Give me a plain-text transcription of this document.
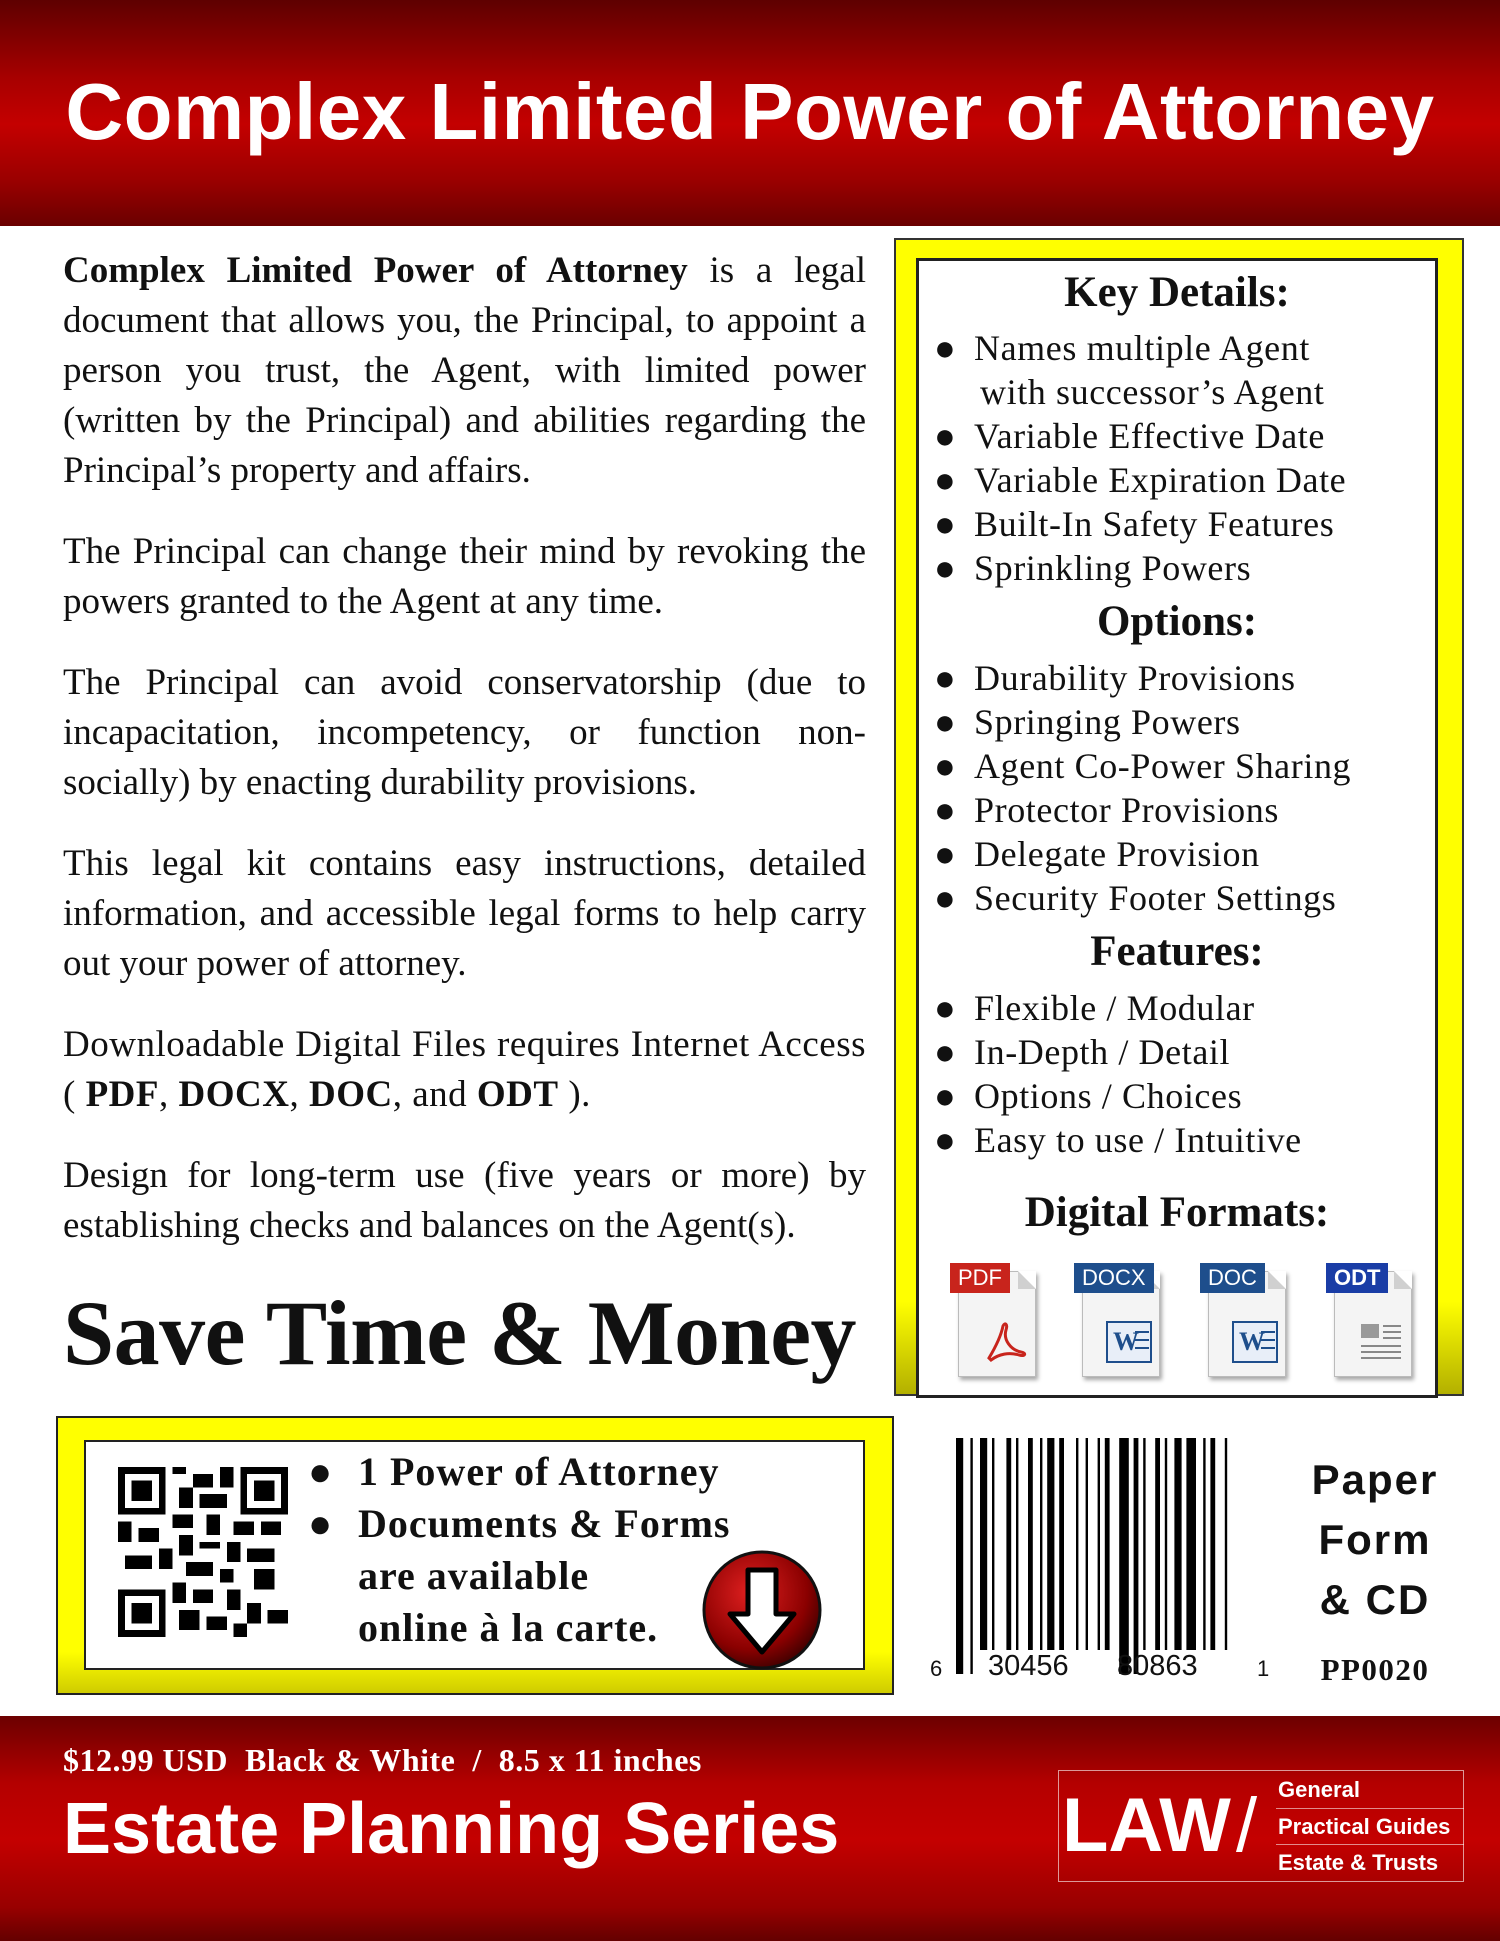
Complex Limited Power of Attorney

Complex Limited Power of Attorney is a legal document that allows you, the Principal, to appoint a person you trust, the Agent, with limited power (written by the Principal) and abilities regarding the Principal’s property and affairs.

The Principal can change their mind by revoking the powers granted to the Agent at any time.

The Principal can avoid conservatorship (due to incapacitation, incompetency, or function non-socially) by enacting durability provisions.

This legal kit contains easy instructions, detailed information, and accessible legal forms to help carry out your power of attorney.

Downloadable Digital Files requires Internet Access ( PDF, DOCX, DOC, and ODT ).

Design for long-term use (five years or more) by establishing checks and balances on the Agent(s).

Save Time & Money
Key Details:
● Names multiple Agent
with successor’s Agent
● Variable Effective Date
● Variable Expiration Date
● Built-In Safety Features
● Sprinkling Powers
Options:
● Durability Provisions
● Springing Powers
● Agent Co-Power Sharing
● Protector Provisions
● Delegate Provision
● Security Footer Settings
Features:
● Flexible / Modular
● In-Depth / Detail
● Options / Choices
● Easy to use / Intuitive
Digital Formats:
PDF
W
DOCX
W
DOC	ODT
● 1 Power of Attorney
● Documents & Forms
are available
online à la carte.
6 30456 80863	1
Paper
Form
& CD
PP0020
$12.99 USD  Black & White  /  8.5 x 11 inches
Estate Planning Series	LAW / General
Practical Guides
Estate & Trusts
